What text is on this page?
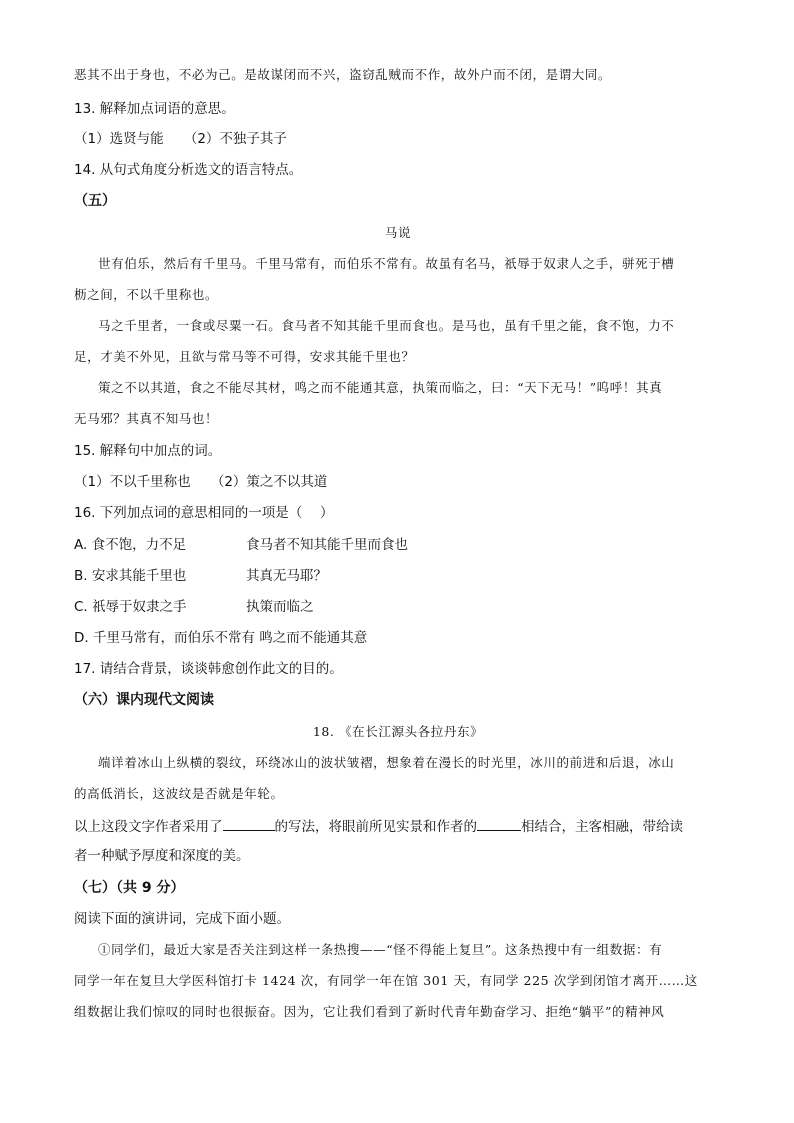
恶其不出于身也，不必为己。是故谋闭而不兴，盗窃乱贼而不作，故外户而不闭，是谓大同。
13. 解释加点词语的意思。
（1）选贤与能　　（2）不独子其子
14. 从句式角度分析选文的语言特点。
（五）
马说
世有伯乐，然后有千里马。千里马常有，而伯乐不常有。故虽有名马，祇辱于奴隶人之手，骈死于槽
枥之间，不以千里称也。
马之千里者，一食或尽粟一石。食马者不知其能千里而食也。是马也，虽有千里之能，食不饱，力不
足，才美不外见，且欲与常马等不可得，安求其能千里也？
策之不以其道，食之不能尽其材，鸣之而不能通其意，执策而临之，曰：“天下无马！”呜呼！其真
无马邪？其真不知马也！
15. 解释句中加点的词。
（1）不以千里称也　　（2）策之不以其道
16. 下列加点词的意思相同的一项是（　 ）
A. 食不饱，力不足	食马者不知其能千里而食也
B. 安求其能千里也	其真无马耶？
C. 祇辱于奴隶之手	执策而临之
D. 千里马常有，而伯乐不常有 鸣之而不能通其意
17. 请结合背景，谈谈韩愈创作此文的目的。
（六）课内现代文阅读
18. 《在长江源头各拉丹东》
端详着冰山上纵横的裂纹，环绕冰山的波状皱褶，想象着在漫长的时光里，冰川的前进和后退，冰山
的高低消长，这波纹是否就是年轮。
以上这段文字作者采用了	的写法，将眼前所见实景和作者的	相结合，主客相融，带给读
者一种赋予厚度和深度的美。
（七）（共 9 分）
阅读下面的演讲词，完成下面小题。
①同学们，最近大家是否关注到这样一条热搜——“怪不得能上复旦”。这条热搜中有一组数据：有
同学一年在复旦大学医科馆打卡 1424 次，有同学一年在馆 301 天，有同学 225 次学到闭馆才离开……这
组数据让我们惊叹的同时也很振奋。因为，它让我们看到了新时代青年勤奋学习、拒绝“躺平”的精神风
